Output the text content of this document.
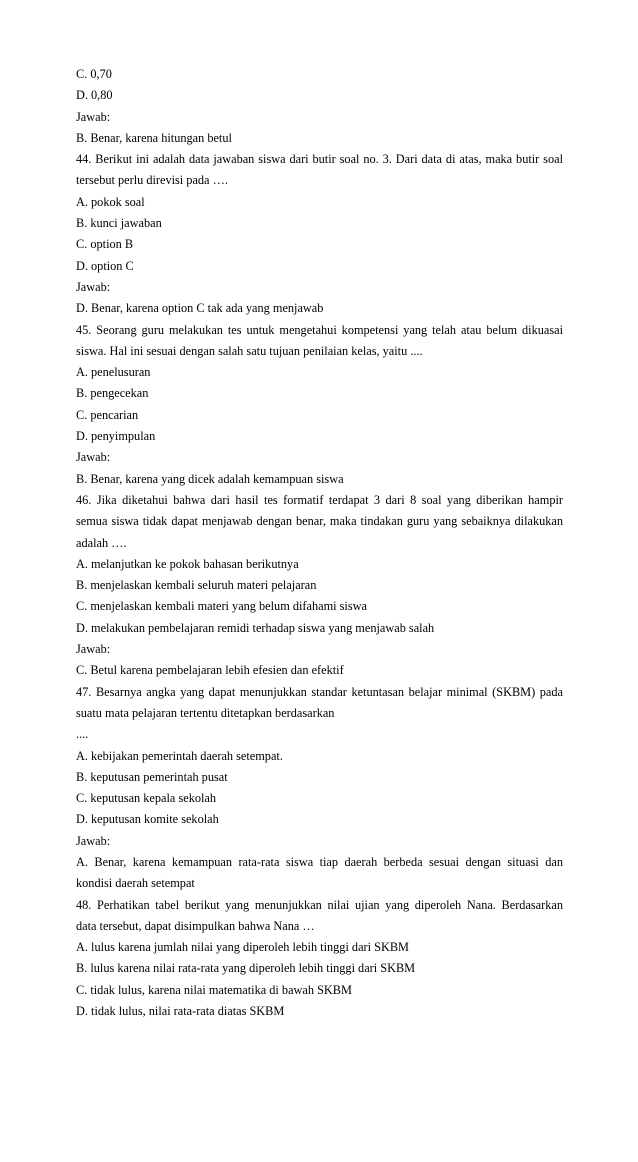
C. 0,70
D. 0,80
Jawab:
B. Benar, karena hitungan betul
44. Berikut ini adalah data jawaban siswa dari butir soal no. 3. Dari data di atas, maka butir soal
tersebut perlu direvisi pada ….
A. pokok soal
B. kunci jawaban
C. option B
D. option C
Jawab:
D. Benar, karena option C tak ada yang menjawab
45. Seorang guru melakukan tes untuk mengetahui kompetensi yang telah atau belum dikuasai
siswa. Hal ini sesuai dengan salah satu tujuan penilaian kelas, yaitu ....
A. penelusuran
B. pengecekan
C. pencarian
D. penyimpulan
Jawab:
B. Benar, karena yang dicek adalah kemampuan siswa
46. Jika diketahui bahwa dari hasil tes formatif terdapat 3 dari 8 soal yang diberikan hampir
semua siswa tidak dapat menjawab dengan benar, maka tindakan guru yang sebaiknya dilakukan
adalah ….
A. melanjutkan ke pokok bahasan berikutnya
B. menjelaskan kembali seluruh materi pelajaran
C. menjelaskan kembali materi yang belum difahami siswa
D. melakukan pembelajaran remidi terhadap siswa yang menjawab salah
Jawab:
C. Betul karena pembelajaran lebih efesien dan efektif
47. Besarnya angka yang dapat menunjukkan standar ketuntasan belajar minimal (SKBM) pada
suatu mata pelajaran tertentu ditetapkan berdasarkan
....
A. kebijakan pemerintah daerah setempat.
B. keputusan pemerintah pusat
C. keputusan kepala sekolah
D. keputusan komite sekolah
Jawab:
A. Benar, karena kemampuan rata-rata siswa tiap daerah berbeda sesuai dengan situasi dan
kondisi daerah setempat
48. Perhatikan tabel berikut yang menunjukkan nilai ujian yang diperoleh Nana. Berdasarkan
data tersebut, dapat disimpulkan bahwa Nana …
A. lulus karena jumlah nilai yang diperoleh lebih tinggi dari SKBM
B. lulus karena nilai rata-rata yang diperoleh lebih tinggi dari SKBM
C. tidak lulus, karena nilai matematika di bawah SKBM
D. tidak lulus, nilai rata-rata diatas SKBM
